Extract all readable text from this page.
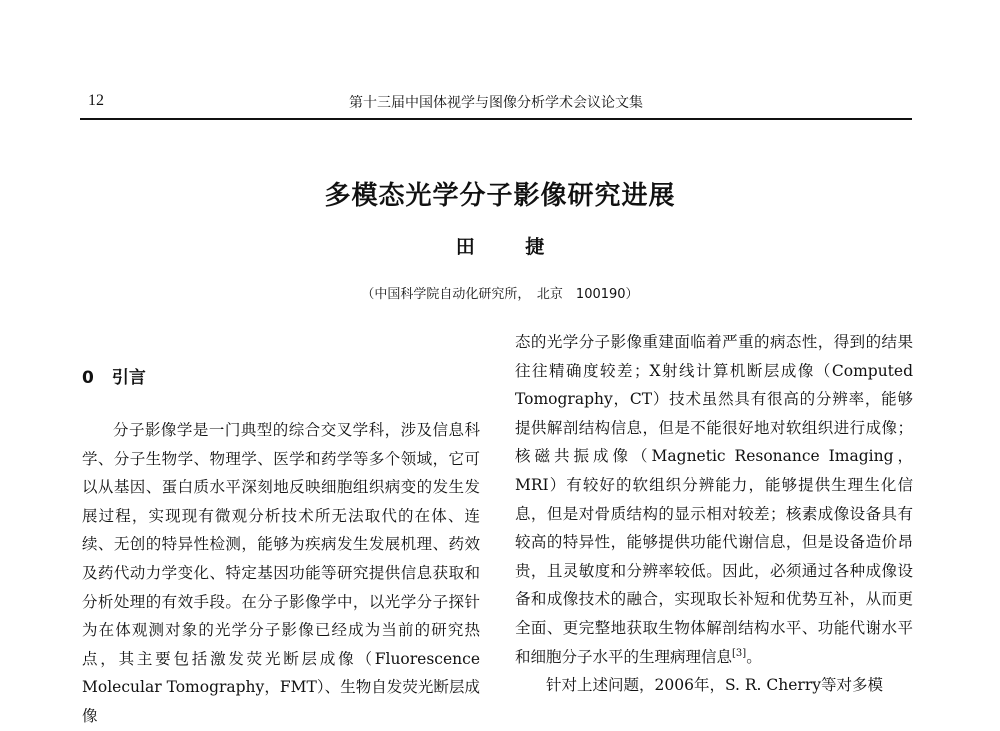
12	第十三届中国体视学与图像分析学术会议论文集
多模态光学分子影像研究进展
田 捷
（中国科学院自动化研究所，　北京　100190）
0 引言

分子影像学是一门典型的综合交叉学科，涉及信息科学、分子生物学、物理学、医学和药学等多个领域，它可以从基因、蛋白质水平深刻地反映细胞组织病变的发生发展过程，实现现有微观分析技术所无法取代的在体、连续、无创的特异性检测，能够为疾病发生发展机理、药效及药代动力学变化、特定基因功能等研究提供信息获取和分析处理的有效手段。在分子影像学中，以光学分子探针为在体观测对象的光学分子影像已经成为当前的研究热点，其主要包括激发荧光断层成像（Fluorescence Molecular Tomography，FMT）、生物自发荧光断层成像

态的光学分子影像重建面临着严重的病态性，得到的结果往往精确度较差；X射线计算机断层成像（Computed Tomography，CT）技术虽然具有很高的分辨率，能够提供解剖结构信息，但是不能很好地对软组织进行成像；核磁共振成像（Magnetic Resonance Imaging，MRI）有较好的软组织分辨能力，能够提供生理生化信息，但是对骨质结构的显示相对较差；核素成像设备具有较高的特异性，能够提供功能代谢信息，但是设备造价昂贵，且灵敏度和分辨率较低。因此，必须通过各种成像设备和成像技术的融合，实现取长补短和优势互补，从而更全面、更完整地获取生物体解剖结构水平、功能代谢水平和细胞分子水平的生理病理信息[3]。

针对上述问题，2006年，S. R. Cherry等对多模
